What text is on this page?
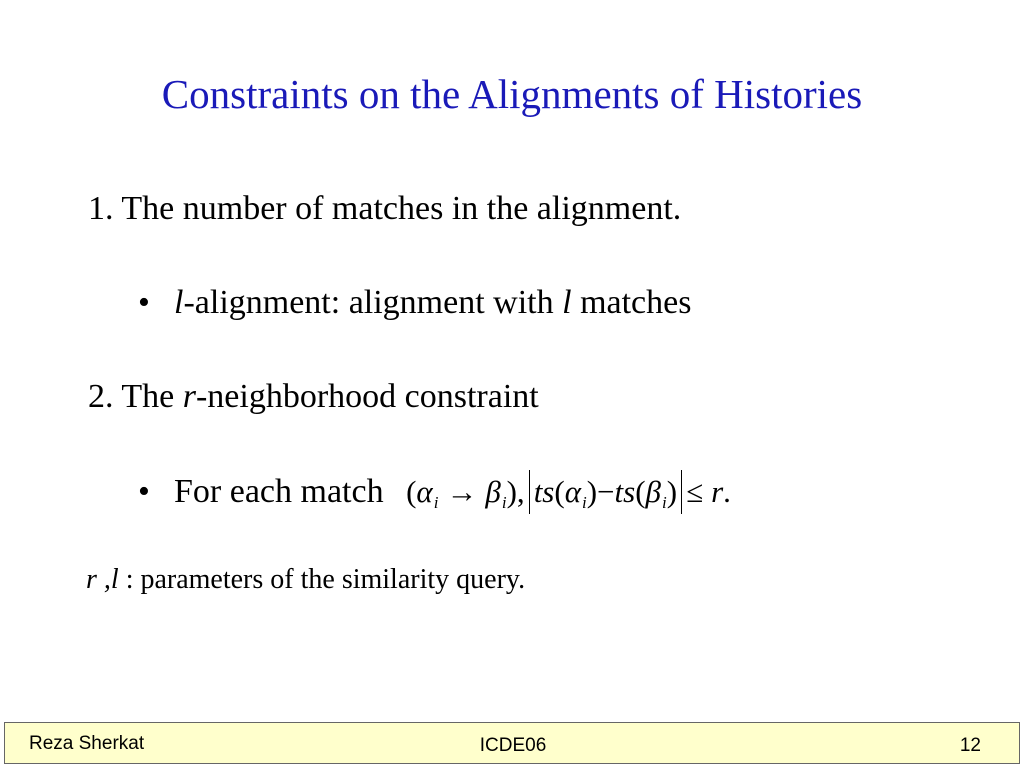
Constraints on the Alignments of Histories
1. The number of matches in the alignment.
• l-alignment: alignment with l matches
2. The r-neighborhood constraint
• For each match $(\alpha_i \to \beta_i)$, $ts(\alpha_i)-ts(\beta_i) \le r$.
r ,l : parameters of the similarity query.
Reza Sherkat	ICDE06	12
